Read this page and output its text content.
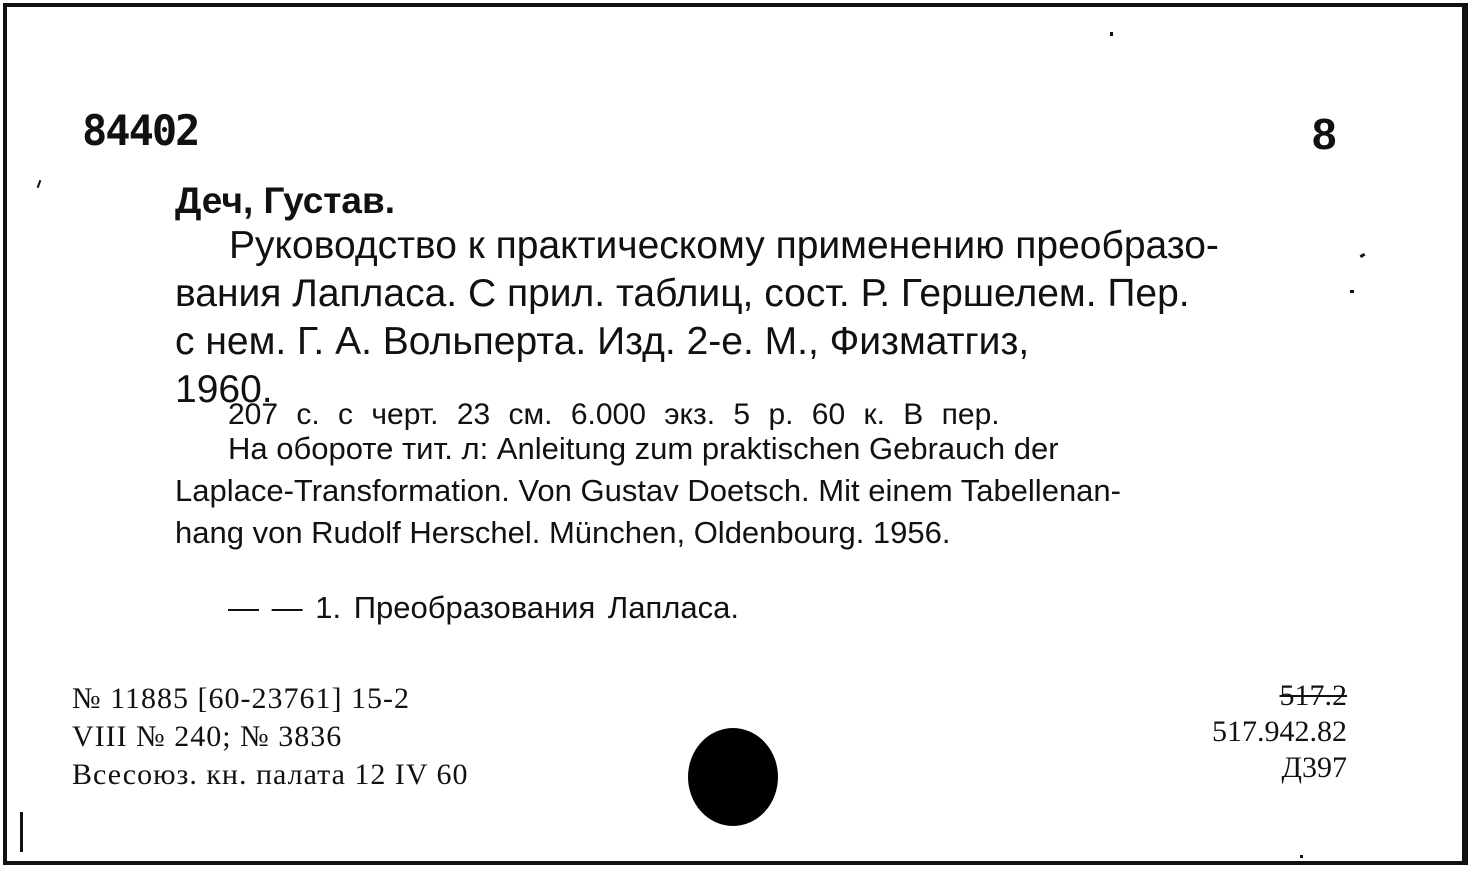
84402	8
Деч, Густав.
Руководство к практическому применению преобразо-
вания Лапласа. С прил. таблиц, сост. Р. Гершелем. Пер.
с нем. Г. А. Вольперта. Изд. 2-е. М., Физматгиз,
1960.
207 с. с черт. 23 см. 6.000 экз. 5 р. 60 к. В пер.
На обороте тит. л: Anleitung zum praktischen Gebrauch der
Laplace-Transformation. Von Gustav Doetsch. Mit einem Tabellenan-
hang von Rudolf Herschel. München, Oldenbourg. 1956.
— — 1. Преобразования Лапласа.
№ 11885 [60-23761] 15-2
VIII № 240; № 3836
Всесоюз. кн. палата 12 IV 60
517.2
517.942.82
Д397
